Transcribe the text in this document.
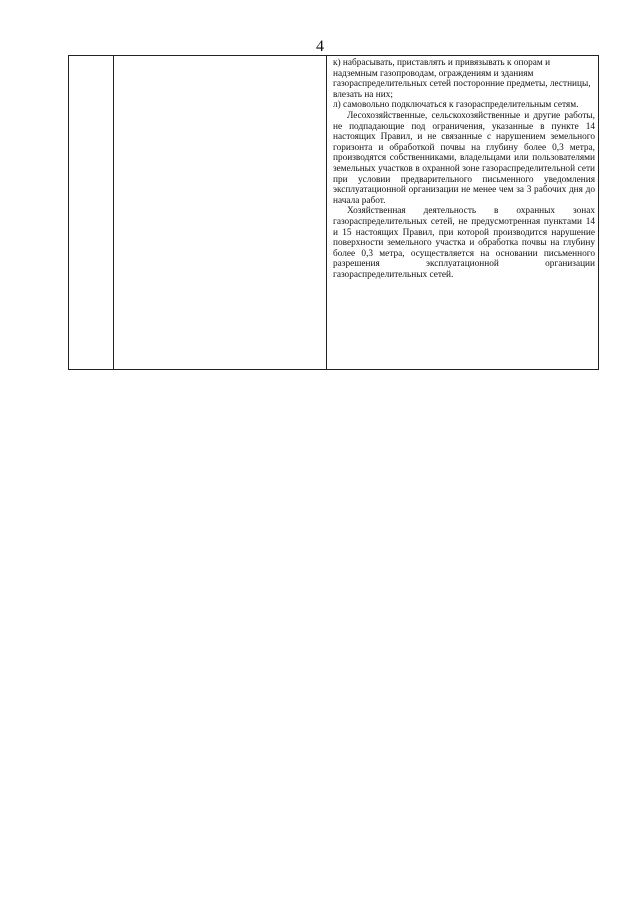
4

к) набрасывать, приставлять и привязывать к опорам и надземным газопроводам, ограждениям и зданиям газораспределительных сетей посторонние предметы, лестницы, влезать на них;

л) самовольно подключаться к газораспределительным сетям.

Лесохозяйственные, сельскохозяйственные и другие работы, не подпадающие под ограничения, указанные в пункте 14 настоящих Правил, и не связанные с нарушением земельного горизонта и обработкой почвы на глубину более 0,3 метра, производятся собственниками, владельцами или пользователями земельных участков в охранной зоне газораспределительной сети при условии предварительного письменного уведомления эксплуатационной организации не менее чем за 3 рабочих дня до начала работ.

Хозяйственная деятельность в охранных зонах газораспределительных сетей, не предусмотренная пунктами 14 и 15 настоящих Правил, при которой производится нарушение поверхности земельного участка и обработка почвы на глубину более 0,3 метра, осуществляется на основании письменного разрешения эксплуатационной организации газораспределительных сетей.
